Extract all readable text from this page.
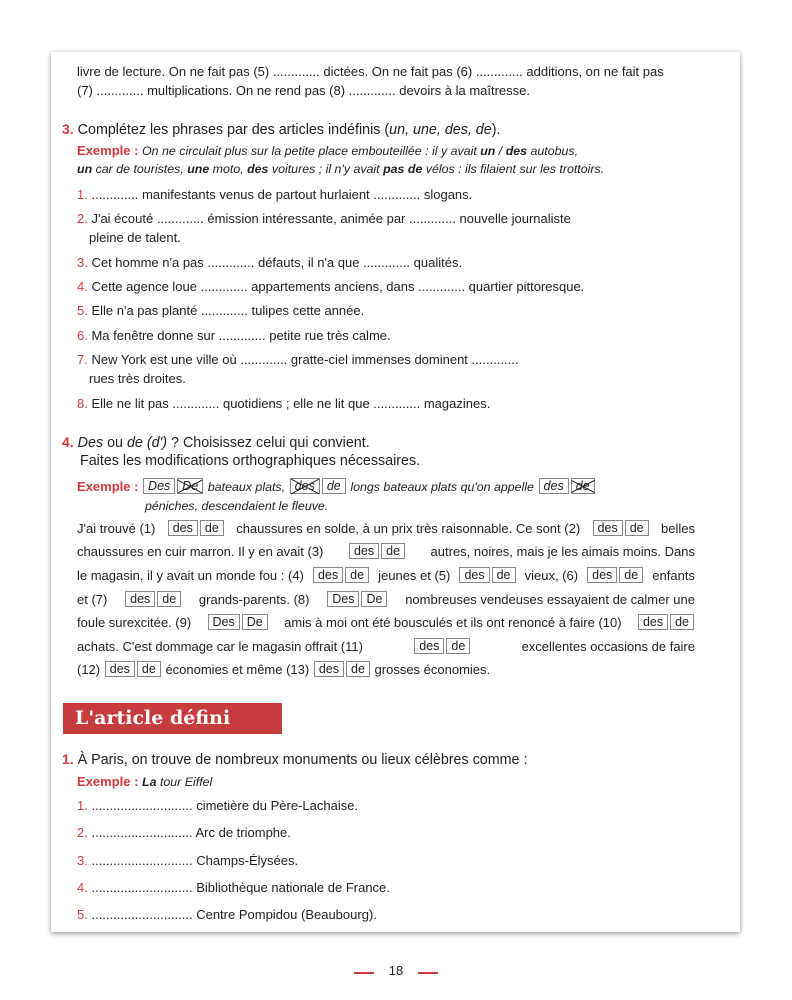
livre de lecture. On ne fait pas (5) ............. dictées. On ne fait pas (6) ............. additions, on ne fait pas
(7) ............. multiplications. On ne rend pas (8) ............. devoirs à la maîtresse.
3. Complétez les phrases par des articles indéfinis (un, une, des, de).
Exemple : On ne circulait plus sur la petite place embouteillée : il y avait un / des autobus,
un car de touristes, une moto, des voitures ; il n'y avait pas de vélos : ils filaient sur les trottoirs.
1. ............. manifestants venus de partout hurlaient ............. slogans.
2. J'ai écouté ............. émission intéressante, animée par ............. nouvelle journaliste
pleine de talent.
3. Cet homme n'a pas ............. défauts, il n'a que ............. qualités.
4. Cette agence loue ............. appartements anciens, dans ............. quartier pittoresque.
5. Elle n'a pas planté ............. tulipes cette année.
6. Ma fenêtre donne sur ............. petite rue très calme.
7. New York est une ville où ............. gratte-ciel immenses dominent .............
rues très droites.
8. Elle ne lit pas ............. quotidiens ; elle ne lit que ............. magazines.
4. Des ou de (d') ? Choisissez celui qui convient.
Faites les modifications orthographiques nécessaires.
Exemple : Des De bateaux plats, des de longs bateaux plats qu'on appelle des de
péniches, descendaient le fleuve.
J'ai trouvé (1)	des de	chaussures en solde, à un prix très raisonnable. Ce sont (2)	des de	belles
chaussures en cuir marron. Il y en avait (3)	des de	autres, noires, mais je les aimais moins. Dans
le magasin, il y avait un monde fou : (4)	des de	jeunes et (5)	des de	vieux, (6)	des de	enfants
et (7)	des de	grands-parents. (8)	Des De	nombreuses vendeuses essayaient de calmer une
foule surexcitée. (9)	Des De	amis à moi ont été bousculés et ils ont renoncé à faire (10)	des de
achats. C'est dommage car le magasin offrait (11)	des de	excellentes occasions de faire
(12) des de économies et même (13) des de grosses économies.
L'article défini
1. À Paris, on trouve de nombreux monuments ou lieux célèbres comme :
Exemple : La tour Eiffel
1. ............................ cimetière du Père-Lachaise.
2. ............................ Arc de triomphe.
3. ............................ Champs-Élysées.
4. ............................ Bibliothèque nationale de France.
5. ............................ Centre Pompidou (Beaubourg).
18
